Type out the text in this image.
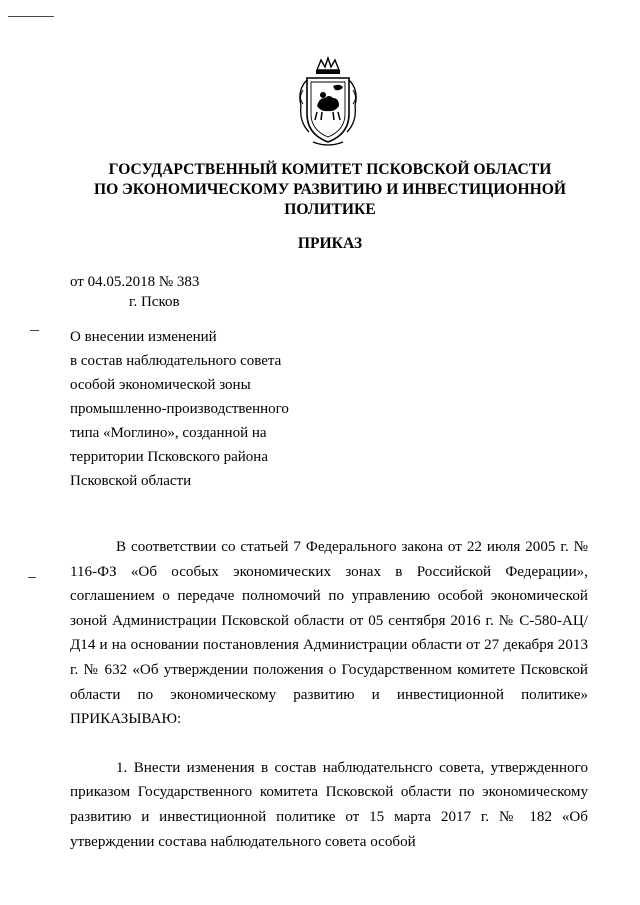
ГОСУДАРСТВЕННЫЙ КОМИТЕТ ПСКОВСКОЙ ОБЛАСТИ
ПО ЭКОНОМИЧЕСКОМУ РАЗВИТИЮ И ИНВЕСТИЦИОННОЙ
ПОЛИТИКЕ
ПРИКАЗ
от 04.05.2018 № 383
г. Псков
О внесении изменений
в состав наблюдательного совета
особой экономической зоны
промышленно-производственного
типа «Моглино», созданной на
территории Псковского района
Псковской области

В соответствии со статьей 7 Федерального закона от 22 июля 2005 г. № 116-ФЗ «Об особых экономических зонах в Российской Федерации», соглашением о передаче полномочий по управлению особой экономической зоной Администрации Псковской области от 05 сентября 2016 г. № С-580-АЦ/Д14 и на основании постановления Администрации области от 27 декабря 2013 г. № 632 «Об утверждении положения о Государственном комитете Псковской области по экономическому развитию и инвестиционной политике» ПРИКАЗЫВАЮ:

1. Внести изменения в состав наблюдательнсго совета, утвержденного приказом Государственного комитета Псковской области по экономическому развитию и инвестиционной политике от 15 марта 2017 г. № 182 «Об утверждении состава наблюдательного совета особой
